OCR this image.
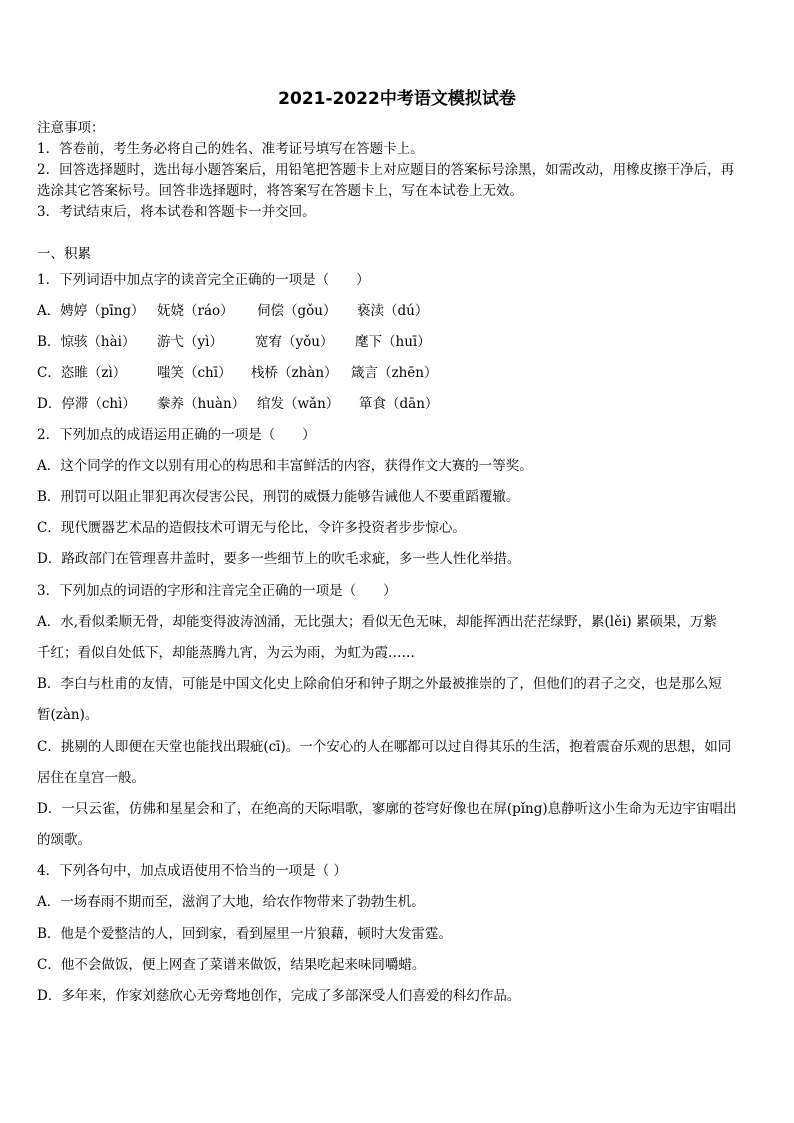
2021-2022中考语文模拟试卷
注意事项：
1．答卷前，考生务必将自己的姓名、准考证号填写在答题卡上。
2．回答选择题时，选出每小题答案后，用铅笔把答题卡上对应题目的答案标号涂黑，如需改动，用橡皮擦干净后，再
选涂其它答案标号。回答非选择题时，将答案写在答题卡上，写在本试卷上无效。
3．考试结束后，将本试卷和答题卡一并交回。
一、积累
1．下列词语中加点字的读音完全正确的一项是（　　）
A．娉婷（pīng） 妩娆（ráo） 伺偿（gǒu） 亵渎（dú）
B．惊骇（hài） 游弋（yì） 宽宥（yǒu） 麾下（huī）
C．恣睢（zì） 嗤笑（chī） 栈桥（zhàn） 箴言（zhēn）
D．停滞（chì） 豢养（huàn） 绾发（wǎn） 箪食（dān）
2．下列加点的成语运用正确的一项是（　　）
A．这个同学的作文以别有用心的构思和丰富鲜活的内容，获得作文大赛的一等奖。
B．刑罚可以阻止罪犯再次侵害公民，刑罚的威慑力能够告诫他人不要重蹈覆辙。
C．现代赝器艺术品的造假技术可谓无与伦比，令许多投资者步步惊心。
D．路政部门在管理喜井盖时，要多一些细节上的吹毛求疵，多一些人性化举措。
3．下列加点的词语的字形和注音完全正确的一项是（　　）
A．水,看似柔顺无骨，却能变得波涛汹涌，无比强大；看似无色无味，却能挥洒出茫茫绿野，累(lěi) 累硕果，万紫
千红；看似自处低下，却能蒸腾九宵，为云为雨，为虹为霞……
B．李白与杜甫的友情，可能是中国文化史上除俞伯牙和钟子期之外最被推崇的了，但他们的君子之交，也是那么短
暂(zàn)。
C．挑剔的人即便在天堂也能找出瑕疵(cī)。一个安心的人在哪都可以过自得其乐的生活，抱着震奋乐观的思想，如同
居住在皇宫一般。
D．一只云雀，仿佛和星星会和了，在绝高的天际唱歌，寥廓的苍穹好像也在屏(pǐng)息静听这小生命为无边宇宙唱出
的颂歌。
4．下列各句中，加点成语使用不恰当的一项是（ ）
A．一场春雨不期而至，滋润了大地，给农作物带来了勃勃生机。
B．他是个爱整洁的人，回到家，看到屋里一片狼藉，顿时大发雷霆。
C．他不会做饭，便上网查了菜谱来做饭，结果吃起来味同嚼蜡。
D．多年来，作家刘慈欣心无旁骛地创作，完成了多部深受人们喜爱的科幻作品。
